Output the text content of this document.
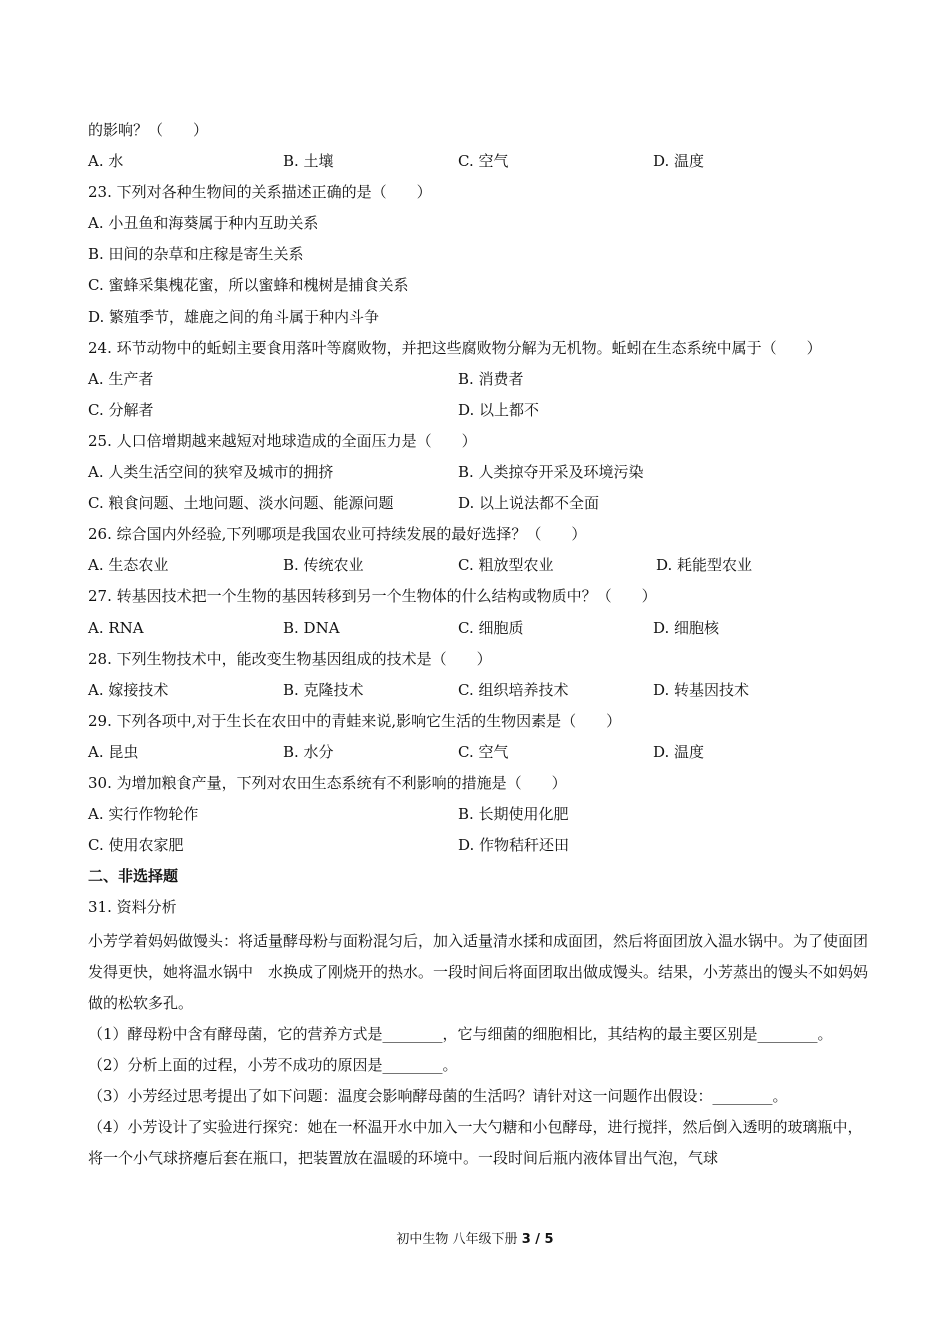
的影响？（　　）
A. 水	B. 土壤	C. 空气	D. 温度
23. 下列对各种生物间的关系描述正确的是（　　）
A. 小丑鱼和海葵属于种内互助关系
B. 田间的杂草和庄稼是寄生关系
C. 蜜蜂采集槐花蜜，所以蜜蜂和槐树是捕食关系
D. 繁殖季节，雄鹿之间的角斗属于种内斗争
24. 环节动物中的蚯蚓主要食用落叶等腐败物，并把这些腐败物分解为无机物。蚯蚓在生态系统中属于（　　）
A. 生产者	B. 消费者
C. 分解者	D. 以上都不
25. 人口倍增期越来越短对地球造成的全面压力是（　　）
A. 人类生活空间的狭窄及城市的拥挤	B. 人类掠夺开采及环境污染
C. 粮食问题、土地问题、淡水问题、能源问题	D. 以上说法都不全面
26. 综合国内外经验,下列哪项是我国农业可持续发展的最好选择？（　　）
A. 生态农业	B. 传统农业	C. 粗放型农业	D. 耗能型农业
27. 转基因技术把一个生物的基因转移到另一个生物体的什么结构或物质中？（　　）
A. RNA	B. DNA	C. 细胞质	D. 细胞核
28. 下列生物技术中，能改变生物基因组成的技术是（　　）
A. 嫁接技术	B. 克隆技术	C. 组织培养技术	D. 转基因技术
29. 下列各项中,对于生长在农田中的青蛙来说,影响它生活的生物因素是（　　）
A. 昆虫	B. 水分	C. 空气	D. 温度
30. 为增加粮食产量，下列对农田生态系统有不利影响的措施是（　　）
A. 实行作物轮作	B. 长期使用化肥
C. 使用农家肥	D. 作物秸秆还田
二、非选择题
31. 资料分析
小芳学着妈妈做馒头：将适量酵母粉与面粉混匀后，加入适量清水揉和成面团，然后将面团放入温水锅中。为了使面团发得更快，她将温水锅中　水换成了刚烧开的热水。一段时间后将面团取出做成馒头。结果，小芳蒸出的馒头不如妈妈做的松软多孔。
（1）酵母粉中含有酵母菌，它的营养方式是________，它与细菌的细胞相比，其结构的最主要区别是________。
（2）分析上面的过程，小芳不成功的原因是________。
（3）小芳经过思考提出了如下问题：温度会影响酵母菌的生活吗？请针对这一问题作出假设：________。
（4）小芳设计了实验进行探究：她在一杯温开水中加入一大勺糖和小包酵母，进行搅拌，然后倒入透明的玻璃瓶中，将一个小气球挤瘪后套在瓶口，把装置放在温暖的环境中。一段时间后瓶内液体冒出气泡，气球
初中生物 八年级下册 3 / 5
